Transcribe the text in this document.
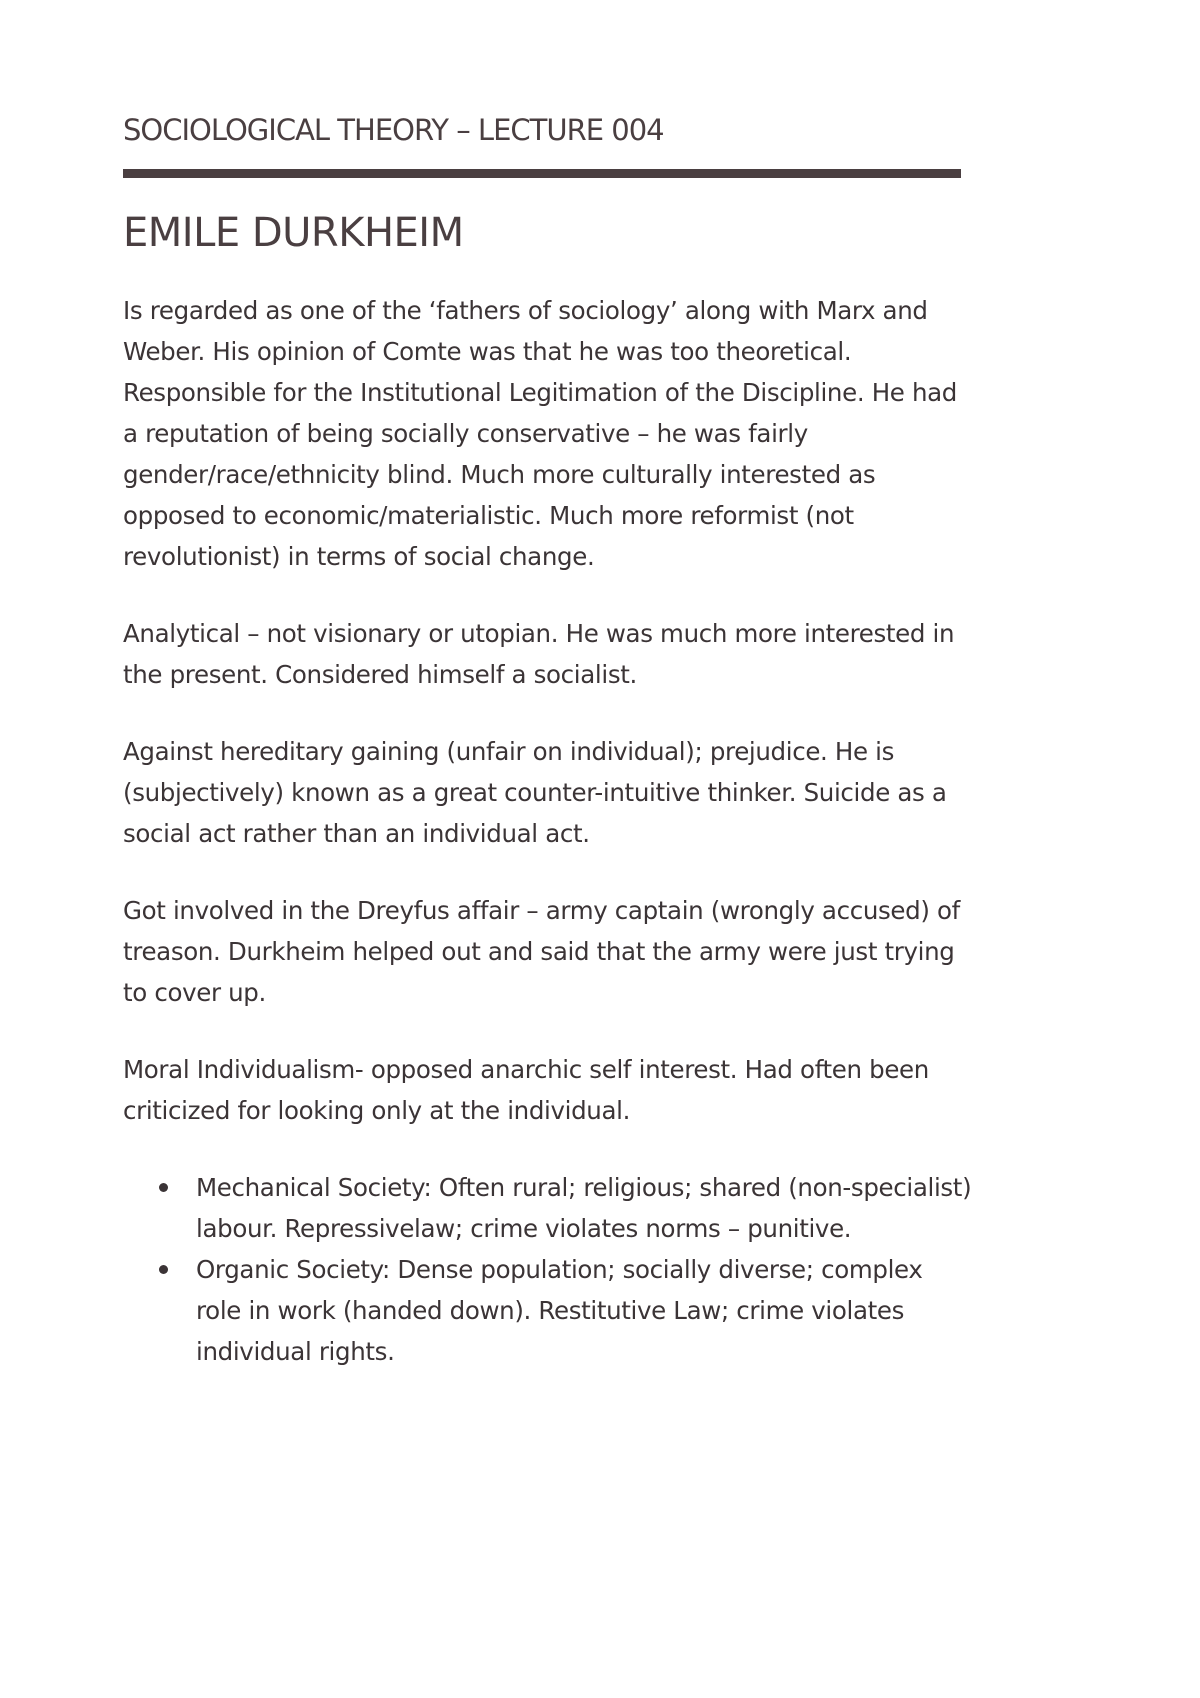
SOCIOLOGICAL THEORY – LECTURE 004
EMILE DURKHEIM

Is regarded as one of the ‘fathers of sociology’ along with Marx and Weber. His opinion of Comte was that he was too theoretical. Responsible for the Institutional Legitimation of the Discipline. He had a reputation of being socially conservative – he was fairly gender/race/ethnicity blind. Much more culturally interested as opposed to economic/materialistic. Much more reformist (not revolutionist) in terms of social change.

Analytical – not visionary or utopian. He was much more interested in the present. Considered himself a socialist.

Against hereditary gaining (unfair on individual); prejudice. He is (subjectively) known as a great counter-intuitive thinker. Suicide as a social act rather than an individual act.

Got involved in the Dreyfus affair – army captain (wrongly accused) of treason. Durkheim helped out and said that the army were just trying to cover up.

Moral Individualism- opposed anarchic self interest. Had often been criticized for looking only at the individual.

Mechanical Society: Often rural; religious; shared (non-specialist) labour. Repressivelaw; crime violates norms – punitive.
Organic Society: Dense population; socially diverse; complex role in work (handed down). Restitutive Law; crime violates individual rights.
